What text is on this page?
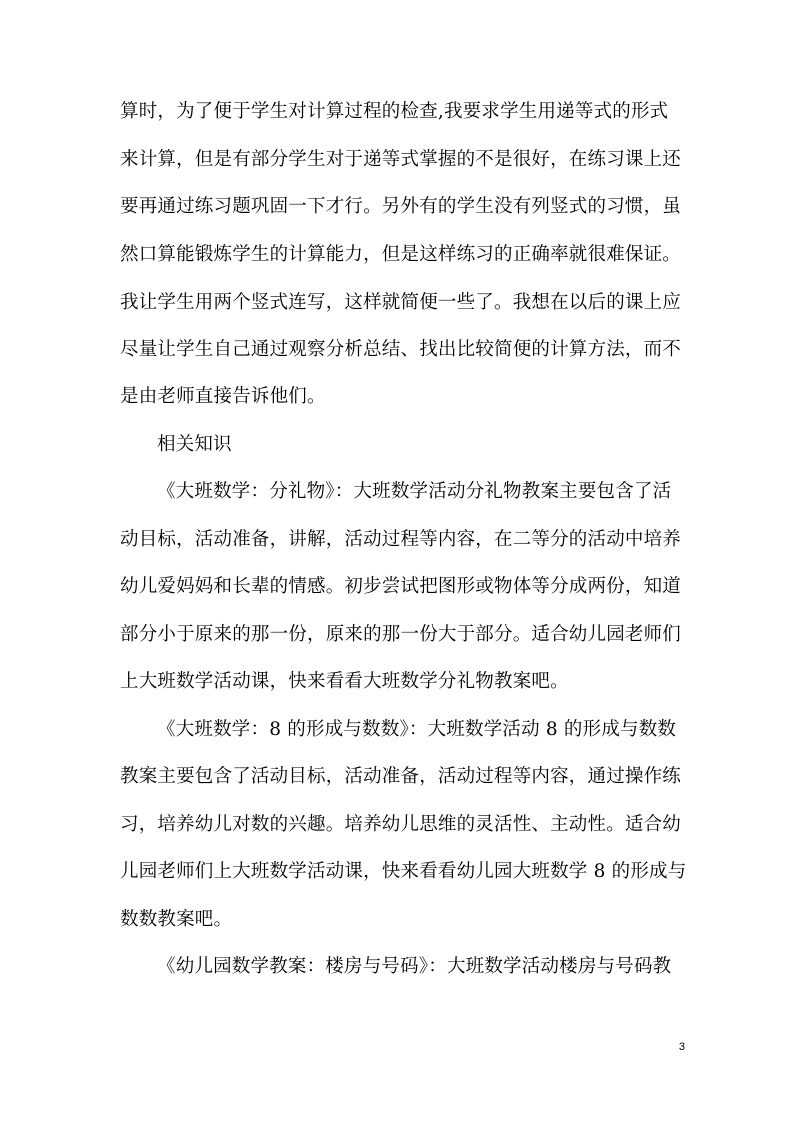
算时，为了便于学生对计算过程的检查,我要求学生用递等式的形式
来计算，但是有部分学生对于递等式掌握的不是很好，在练习课上还
要再通过练习题巩固一下才行。另外有的学生没有列竖式的习惯，虽
然口算能锻炼学生的计算能力，但是这样练习的正确率就很难保证。
我让学生用两个竖式连写，这样就简便一些了。我想在以后的课上应
尽量让学生自己通过观察分析总结、找出比较简便的计算方法，而不
是由老师直接告诉他们。
相关知识
《大班数学：分礼物》：大班数学活动分礼物教案主要包含了活
动目标，活动准备，讲解，活动过程等内容，在二等分的活动中培养
幼儿爱妈妈和长辈的情感。初步尝试把图形或物体等分成两份，知道
部分小于原来的那一份，原来的那一份大于部分。适合幼儿园老师们
上大班数学活动课，快来看看大班数学分礼物教案吧。
《大班数学：8 的形成与数数》：大班数学活动 8 的形成与数数
教案主要包含了活动目标，活动准备，活动过程等内容，通过操作练
习，培养幼儿对数的兴趣。培养幼儿思维的灵活性、主动性。适合幼
儿园老师们上大班数学活动课，快来看看幼儿园大班数学 8 的形成与
数数教案吧。
《幼儿园数学教案：楼房与号码》：大班数学活动楼房与号码教
3
